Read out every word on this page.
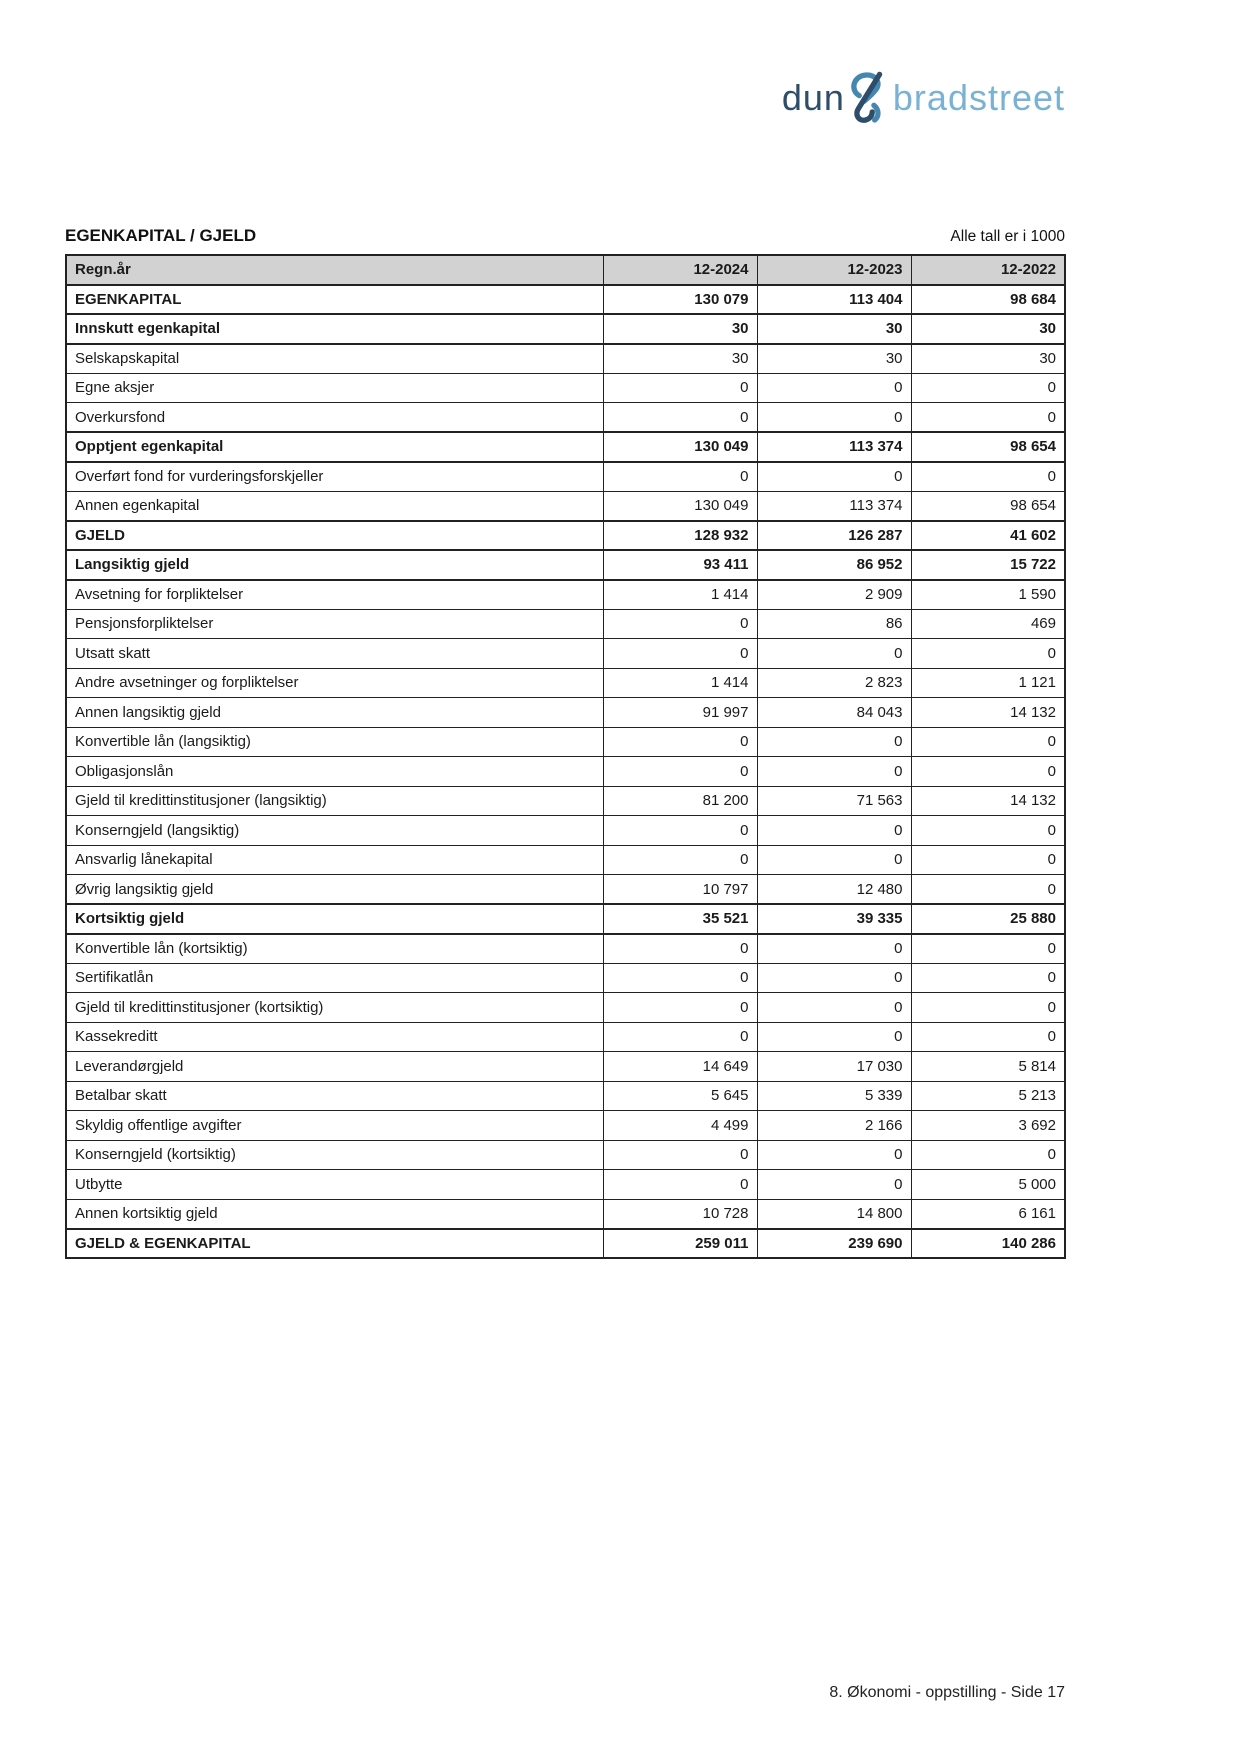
dun bradstreet
EGENKAPITAL / GJELD	Alle tall er i 1000
Regn.år	12-2024	12-2023	12-2022
EGENKAPITAL	130 079	113 404	98 684
Innskutt egenkapital	30	30	30
Selskapskapital	30	30	30
Egne aksjer	0	0	0
Overkursfond	0	0	0
Opptjent egenkapital	130 049	113 374	98 654
Overført fond for vurderingsforskjeller	0	0	0
Annen egenkapital	130 049	113 374	98 654
GJELD	128 932	126 287	41 602
Langsiktig gjeld	93 411	86 952	15 722
Avsetning for forpliktelser	1 414	2 909	1 590
Pensjonsforpliktelser	0	86	469
Utsatt skatt	0	0	0
Andre avsetninger og forpliktelser	1 414	2 823	1 121
Annen langsiktig gjeld	91 997	84 043	14 132
Konvertible lån (langsiktig)	0	0	0
Obligasjonslån	0	0	0
Gjeld til kredittinstitusjoner (langsiktig)	81 200	71 563	14 132
Konserngjeld (langsiktig)	0	0	0
Ansvarlig lånekapital	0	0	0
Øvrig langsiktig gjeld	10 797	12 480	0
Kortsiktig gjeld	35 521	39 335	25 880
Konvertible lån (kortsiktig)	0	0	0
Sertifikatlån	0	0	0
Gjeld til kredittinstitusjoner (kortsiktig)	0	0	0
Kassekreditt	0	0	0
Leverandørgjeld	14 649	17 030	5 814
Betalbar skatt	5 645	5 339	5 213
Skyldig offentlige avgifter	4 499	2 166	3 692
Konserngjeld (kortsiktig)	0	0	0
Utbytte	0	0	5 000
Annen kortsiktig gjeld	10 728	14 800	6 161
GJELD & EGENKAPITAL	259 011	239 690	140 286
8. Økonomi - oppstilling - Side 17
